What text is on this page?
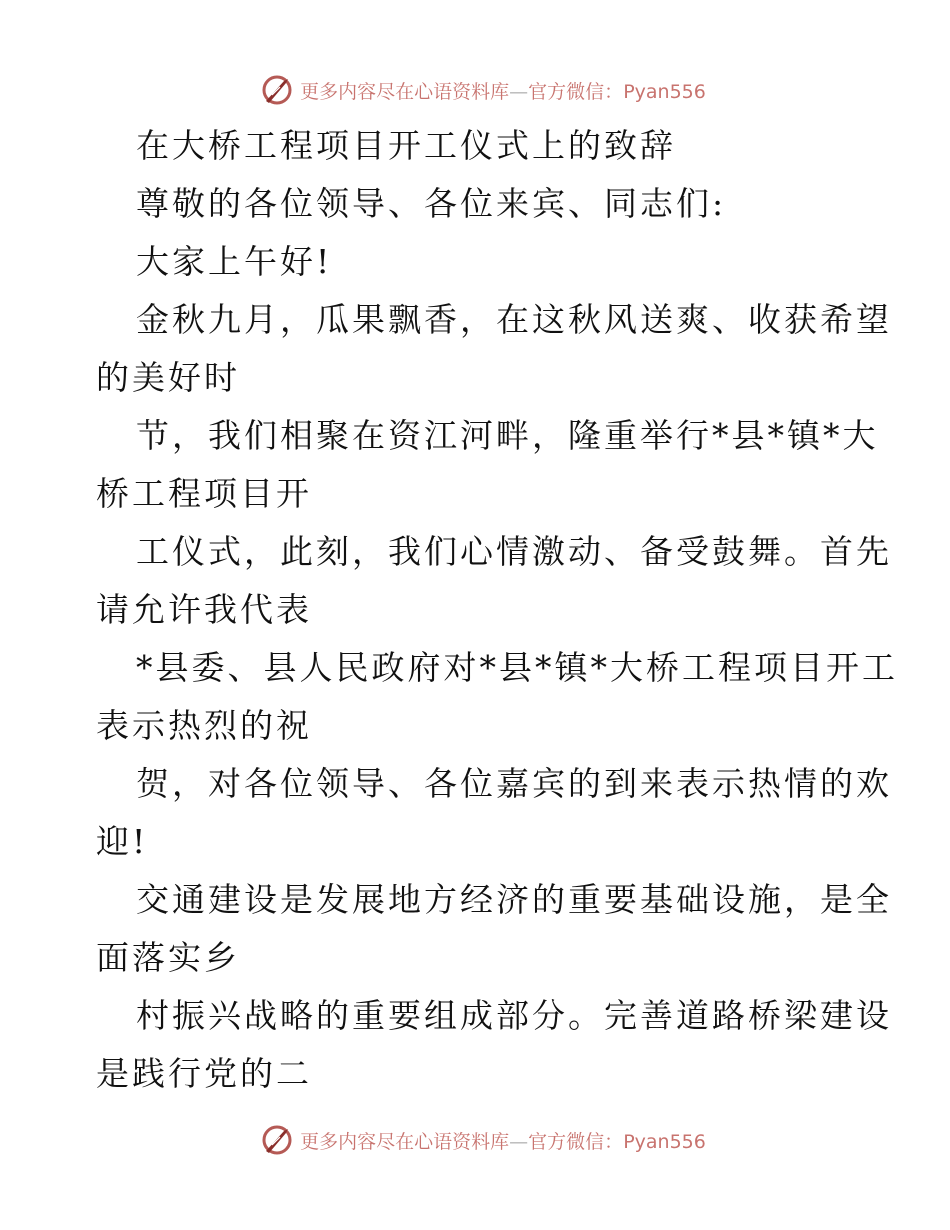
更多内容尽在心语资料库—官方微信：Pyan556
在大桥工程项目开工仪式上的致辞
尊敬的各位领导、各位来宾、同志们:
大家上午好!
金秋九月，瓜果飘香，在这秋风送爽、收获希望
的美好时
节，我们相聚在资江河畔，隆重举行*县*镇*大
桥工程项目开
工仪式，此刻，我们心情激动、备受鼓舞。首先
请允许我代表
*县委、县人民政府对*县*镇*大桥工程项目开工
表示热烈的祝
贺，对各位领导、各位嘉宾的到来表示热情的欢
迎!
交通建设是发展地方经济的重要基础设施，是全
面落实乡
村振兴战略的重要组成部分。完善道路桥梁建设
是践行党的二
更多内容尽在心语资料库—官方微信：Pyan556
